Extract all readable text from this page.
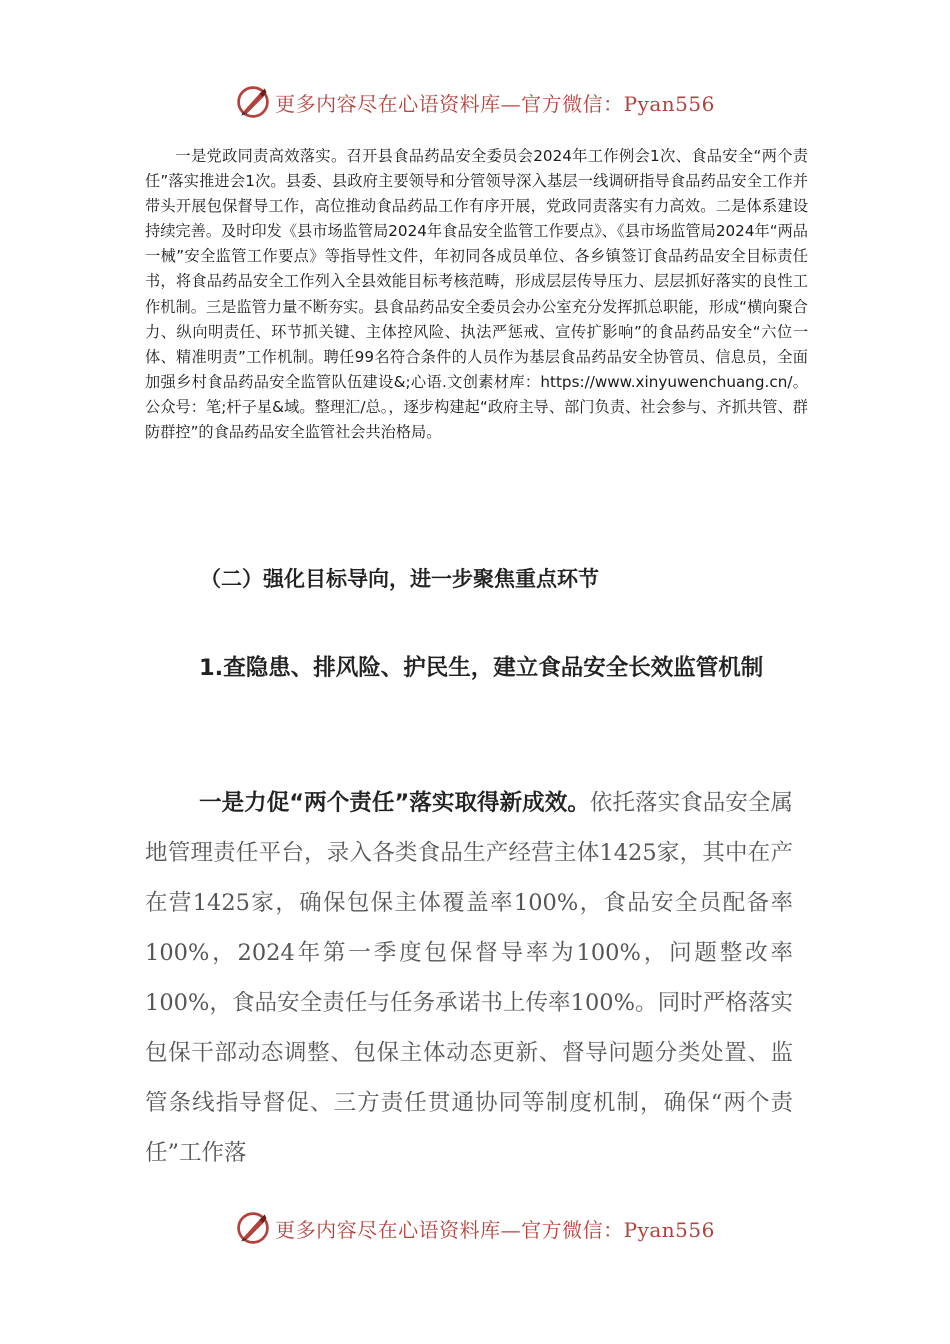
更多内容尽在心语资料库—官方微信：Pyan556

一是党政同责高效落实。召开县食品药品安全委员会2024年工作例会1次、食品安全“两个责任”落实推进会1次。县委、县政府主要领导和分管领导深入基层一线调研指导食品药品安全工作并带头开展包保督导工作，高位推动食品药品工作有序开展，党政同责落实有力高效。二是体系建设持续完善。及时印发《县市场监管局2024年食品安全监管工作要点》、《县市场监管局2024年“两品一械”安全监管工作要点》等指导性文件，年初同各成员单位、各乡镇签订食品药品安全目标责任书，将食品药品安全工作列入全县效能目标考核范畴，形成层层传导压力、层层抓好落实的良性工作机制。三是监管力量不断夯实。县食品药品安全委员会办公室充分发挥抓总职能，形成“横向聚合力、纵向明责任、环节抓关键、主体控风险、执法严惩戒、宣传扩影响”的食品药品安全“六位一体、精准明责”工作机制。聘任99名符合条件的人员作为基层食品药品安全协管员、信息员，全面加强乡村食品药品安全监管队伍建设&;心语.文创素材库：https://www.xinyuwenchuang.cn/。公众号：笔;杆子星&域。整理汇/总。，逐步构建起“政府主导、部门负责、社会参与、齐抓共管、群防群控”的食品药品安全监管社会共治格局。

（二）强化目标导向，进一步聚焦重点环节
1.查隐患、排风险、护民生，建立食品安全长效监管机制

一是力促“两个责任”落实取得新成效。依托落实食品安全属地管理责任平台，录入各类食品生产经营主体1425家，其中在产在营1425家，确保包保主体覆盖率100%，食品安全员配备率100%，2024年第一季度包保督导率为100%，问题整改率100%，食品安全责任与任务承诺书上传率100%。同时严格落实包保干部动态调整、包保主体动态更新、督导问题分类处置、监管条线指导督促、三方责任贯通协同等制度机制，确保“两个责任”工作落

更多内容尽在心语资料库—官方微信：Pyan556
